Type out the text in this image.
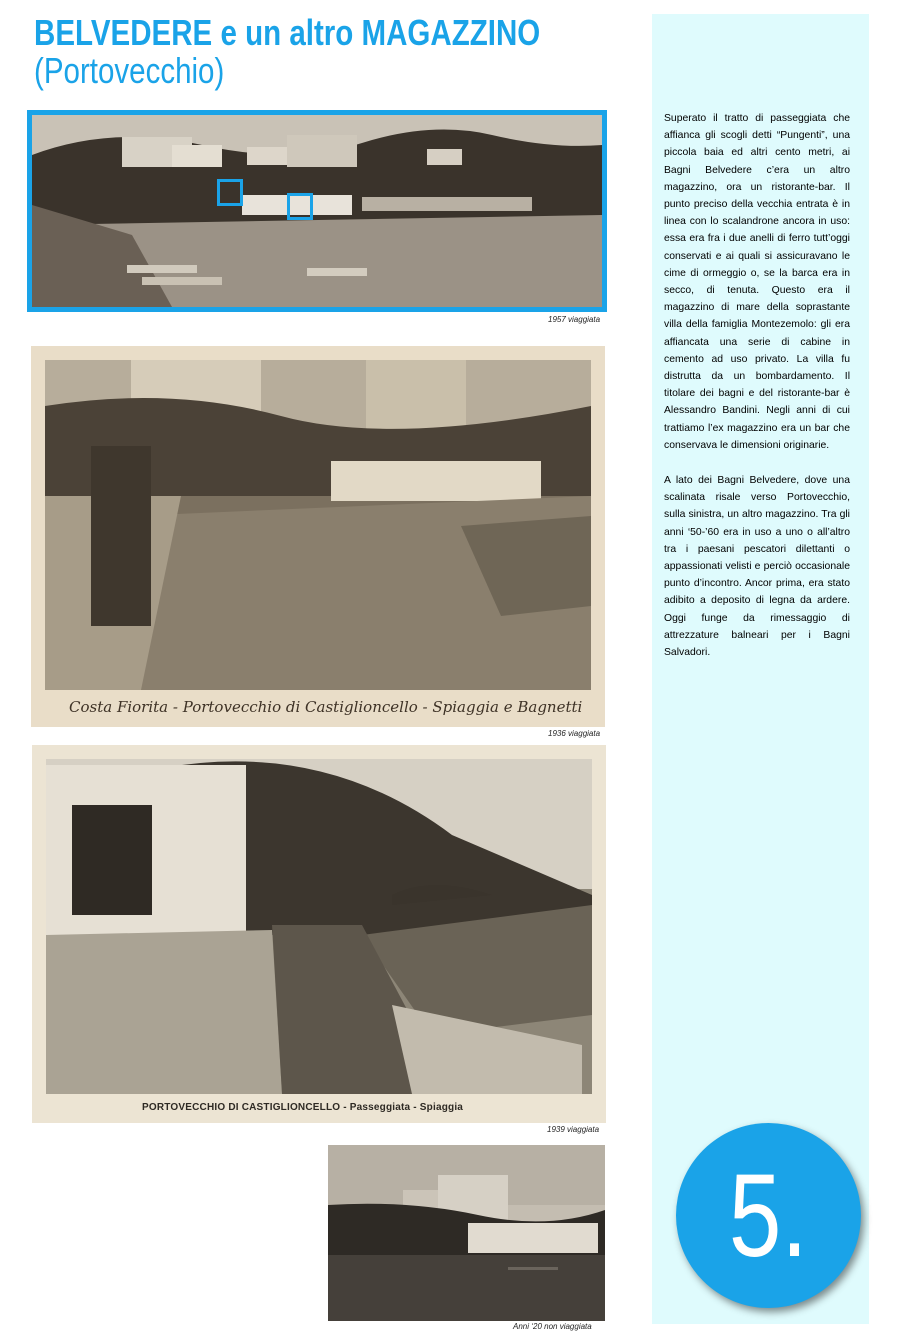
BELVEDERE e un altro MAGAZZINO
(Portovecchio)

Superato il tratto di passeggiata che affianca gli scogli detti “Pungenti”, una piccola baia ed altri cento metri, ai Bagni Belvedere c’era un altro magazzino, ora un ristorante-bar. Il punto preciso della vecchia entrata è in linea con lo scalandrone ancora in uso: essa era fra i due anelli di ferro tutt’oggi conservati e ai quali si assicuravano le cime di ormeggio o, se la barca era in secco, di tenuta. Questo era il magazzino di mare della soprastante villa della famiglia Montezemolo: gli era affiancata una serie di cabine in cemento ad uso privato. La villa fu distrutta da un bombardamento. Il titolare dei bagni e del ristorante-bar è Alessandro Bandini. Negli anni di cui trattiamo l’ex magazzino era un bar che conservava le dimensioni originarie.

A lato dei Bagni Belvedere, dove una scalinata risale verso Portovecchio, sulla sinistra, un altro magazzino. Tra gli anni ‘50-’60 era in uso a uno o all’altro tra i paesani pescatori dilettanti o appassionati velisti e perciò occasionale punto d’incontro. Ancor prima, era stato adibito a deposito di legna da ardere. Oggi funge da rimessaggio di attrezzature balneari per i Bagni Salvadori.

1957 viaggiata
Costa Fiorita - Portovecchio di Castiglioncello - Spiaggia e Bagnetti
1936 viaggiata
PORTOVECCHIO DI CASTIGLIONCELLO - Passeggiata - Spiaggia
1939 viaggiata
Anni ‘20 non viaggiata
5.
